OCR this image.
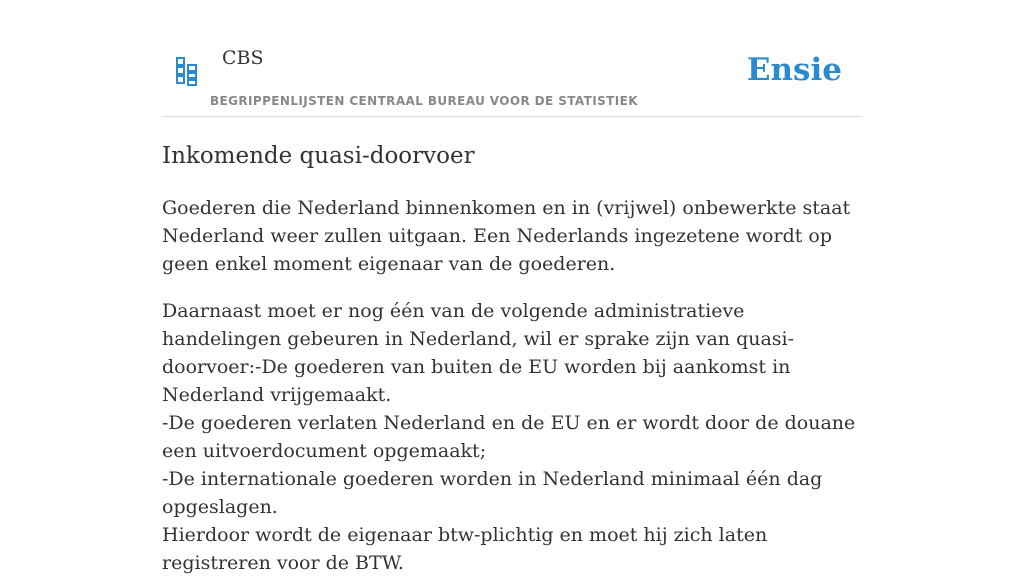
CBS
BEGRIPPENLIJSTEN CENTRAAL BUREAU VOOR DE STATISTIEK
Ensie
Inkomende quasi-doorvoer

Goederen die Nederland binnenkomen en in (vrijwel) onbewerkte staat Nederland weer zullen uitgaan. Een Nederlands ingezetene wordt op geen enkel moment eigenaar van de goederen.

Daarnaast moet er nog één van de volgende administratieve handelingen gebeuren in Nederland, wil er sprake zijn van quasi-doorvoer:-De goederen van buiten de EU worden bij aankomst in Nederland vrijgemaakt.
-De goederen verlaten Nederland en de EU en er wordt door de douane een uitvoerdocument opgemaakt;
-De internationale goederen worden in Nederland minimaal één dag opgeslagen.
Hierdoor wordt de eigenaar btw-plichtig en moet hij zich laten registreren voor de BTW.
